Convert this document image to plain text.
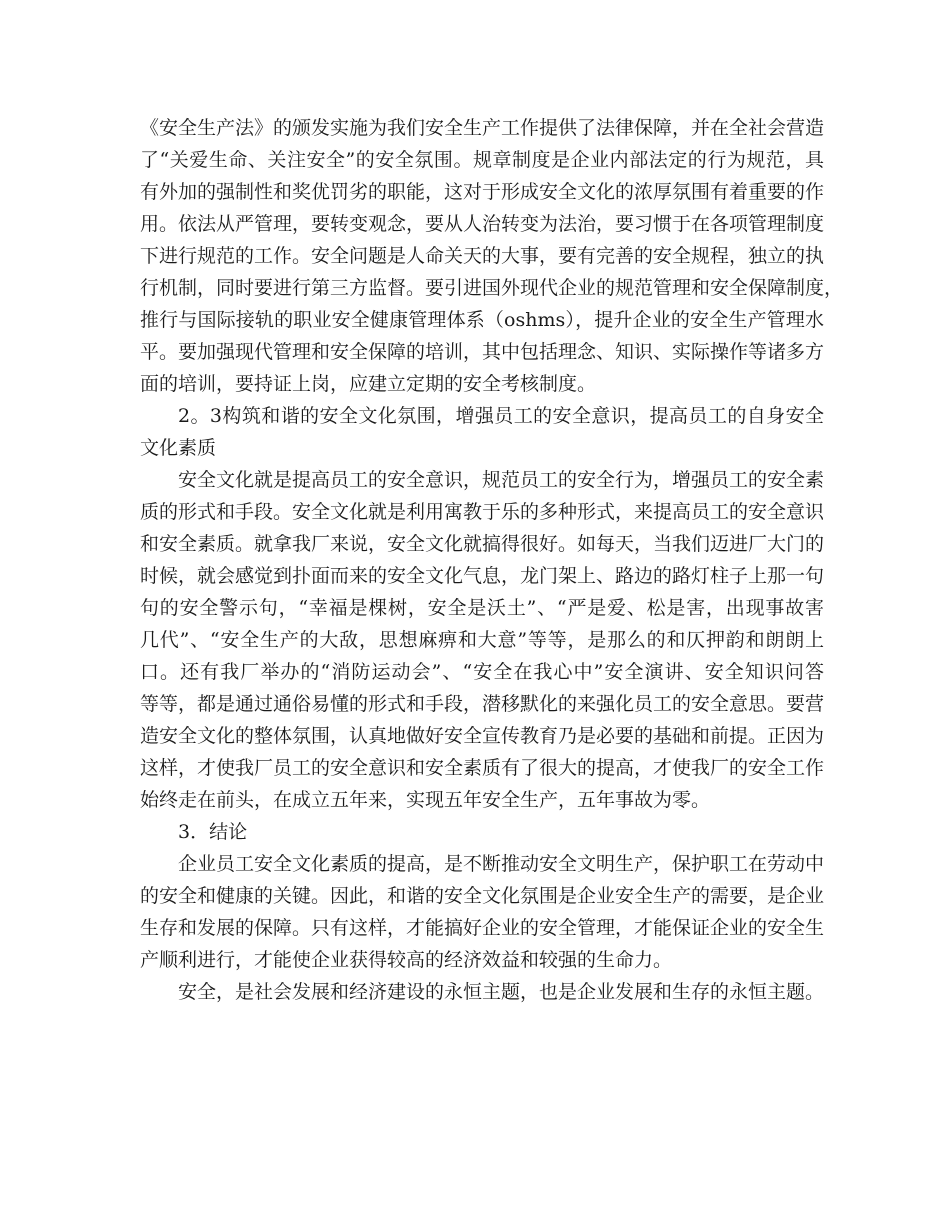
《安全生产法》的颁发实施为我们安全生产工作提供了法律保障，并在全社会营造
了“关爱生命、关注安全”的安全氛围。规章制度是企业内部法定的行为规范，具
有外加的强制性和奖优罚劣的职能，这对于形成安全文化的浓厚氛围有着重要的作
用。依法从严管理，要转变观念，要从人治转变为法治，要习惯于在各项管理制度
下进行规范的工作。安全问题是人命关天的大事，要有完善的安全规程，独立的执
行机制，同时要进行第三方监督。要引进国外现代企业的规范管理和安全保障制度，
推行与国际接轨的职业安全健康管理体系（oshms），提升企业的安全生产管理水
平。要加强现代管理和安全保障的培训，其中包括理念、知识、实际操作等诸多方
面的培训，要持证上岗，应建立定期的安全考核制度。
2。3构筑和谐的安全文化氛围，增强员工的安全意识，提高员工的自身安全
文化素质
安全文化就是提高员工的安全意识，规范员工的安全行为，增强员工的安全素
质的形式和手段。安全文化就是利用寓教于乐的多种形式，来提高员工的安全意识
和安全素质。就拿我厂来说，安全文化就搞得很好。如每天，当我们迈进厂大门的
时候，就会感觉到扑面而来的安全文化气息，龙门架上、路边的路灯柱子上那一句
句的安全警示句，“幸福是棵树，安全是沃土”、“严是爱、松是害，出现事故害
几代”、“安全生产的大敌，思想麻痹和大意”等等，是那么的和仄押韵和朗朗上
口。还有我厂举办的“消防运动会”、“安全在我心中”安全演讲、安全知识问答
等等，都是通过通俗易懂的形式和手段，潜移默化的来强化员工的安全意思。要营
造安全文化的整体氛围，认真地做好安全宣传教育乃是必要的基础和前提。正因为
这样，才使我厂员工的安全意识和安全素质有了很大的提高，才使我厂的安全工作
始终走在前头，在成立五年来，实现五年安全生产，五年事故为零。
3．结论
企业员工安全文化素质的提高，是不断推动安全文明生产，保护职工在劳动中
的安全和健康的关键。因此，和谐的安全文化氛围是企业安全生产的需要，是企业
生存和发展的保障。只有这样，才能搞好企业的安全管理，才能保证企业的安全生
产顺利进行，才能使企业获得较高的经济效益和较强的生命力。
安全，是社会发展和经济建设的永恒主题，也是企业发展和生存的永恒主题。
